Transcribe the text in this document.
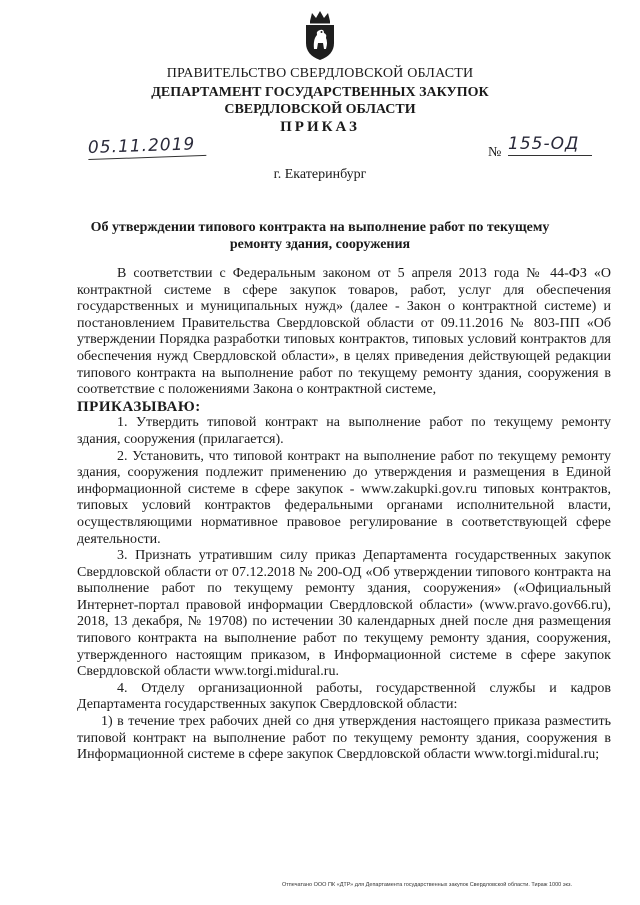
ПРАВИТЕЛЬСТВО СВЕРДЛОВСКОЙ ОБЛАСТИ
ДЕПАРТАМЕНТ ГОСУДАРСТВЕННЫХ ЗАКУПОК
СВЕРДЛОВСКОЙ ОБЛАСТИ
ПРИКАЗ
05.11.2019	№ 155-ОД
г. Екатеринбург
Об утверждении типового контракта на выполнение работ по текущему
ремонту здания, сооружения

В соответствии с Федеральным законом от 5 апреля 2013 года № 44-ФЗ «О контрактной системе в сфере закупок товаров, работ, услуг для обеспечения государственных и муниципальных нужд» (далее - Закон о контрактной системе) и постановлением Правительства Свердловской области от 09.11.2016 № 803-ПП «Об утверждении Порядка разработки типовых контрактов, типовых условий контрактов для обеспечения нужд Свердловской области», в целях приведения действующей редакции типового контракта на выполнение работ по текущему ремонту здания, сооружения в соответствие с положениями Закона о контрактной системе,

ПРИКАЗЫВАЮ:

1. Утвердить типовой контракт на выполнение работ по текущему ремонту здания, сооружения (прилагается).

2. Установить, что типовой контракт на выполнение работ по текущему ремонту здания, сооружения подлежит применению до утверждения и размещения в Единой информационной системе в сфере закупок - www.zakupki.gov.ru типовых контрактов, типовых условий контрактов федеральными органами исполнительной власти, осуществляющими нормативное правовое регулирование в соответствующей сфере деятельности.

3. Признать утратившим силу приказ Департамента государственных закупок Свердловской области от 07.12.2018 № 200-ОД «Об утверждении типового контракта на выполнение работ по текущему ремонту здания, сооружения» («Официальный Интернет-портал правовой информации Свердловской области» (www.pravo.gov66.ru), 2018, 13 декабря, № 19708) по истечении 30 календарных дней после дня размещения типового контракта на выполнение работ по текущему ремонту здания, сооружения, утвержденного настоящим приказом, в Информационной системе в сфере закупок Свердловской области www.torgi.midural.ru.

4. Отделу организационной работы, государственной службы и кадров Департамента государственных закупок Свердловской области:

1) в течение трех рабочих дней со дня утверждения настоящего приказа разместить типовой контракт на выполнение работ по текущему ремонту здания, сооружения в Информационной системе в сфере закупок Свердловской области www.torgi.midural.ru;

Отпечатано ООО ПК «ДТР» для Департамента государственных закупок Свердловской области. Тираж 1000 экз.
